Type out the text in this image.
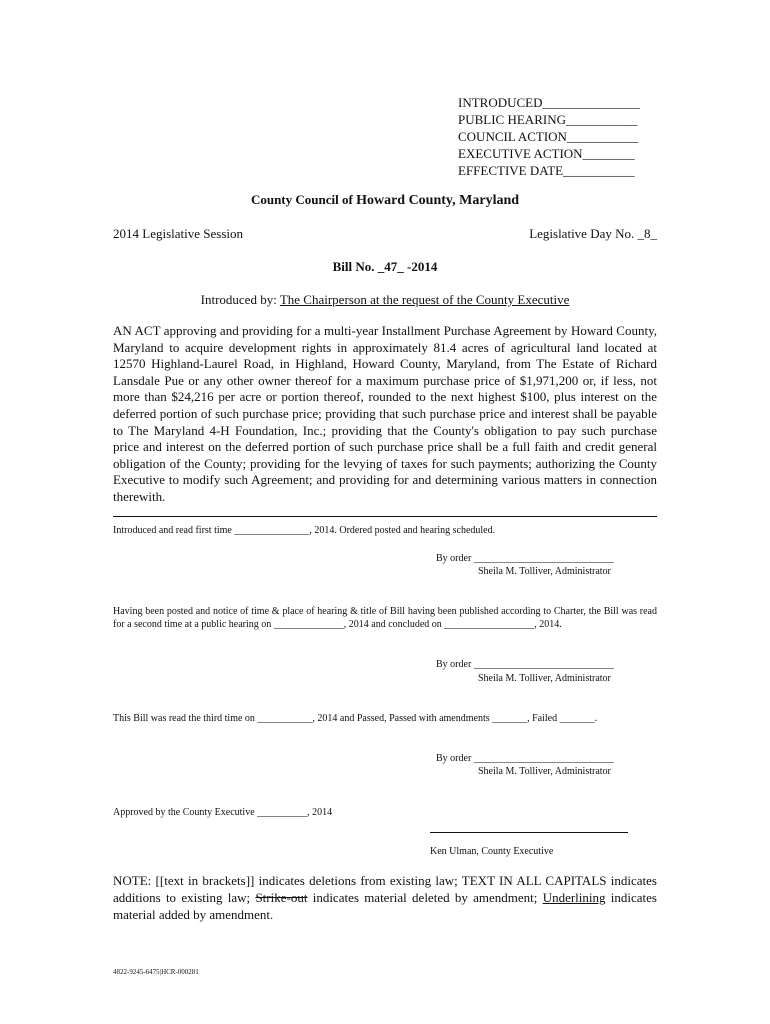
INTRODUCED_______________
PUBLIC HEARING___________
COUNCIL ACTION___________
EXECUTIVE ACTION________
EFFECTIVE DATE___________
County Council of Howard County, Maryland
2014 Legislative Session	Legislative Day No. _8_
Bill No. _47_ -2014
Introduced by: The Chairperson at the request of the County Executive
AN ACT approving and providing for a multi-year Installment Purchase Agreement by Howard County, Maryland to acquire development rights in approximately 81.4 acres of agricultural land located at 12570 Highland-Laurel Road, in Highland, Howard County, Maryland, from The Estate of Richard Lansdale Pue or any other owner thereof for a maximum purchase price of $1,971,200 or, if less, not more than $24,216 per acre or portion thereof, rounded to the next highest $100, plus interest on the deferred portion of such purchase price; providing that such purchase price and interest shall be payable to The Maryland 4-H Foundation, Inc.; providing that the County's obligation to pay such purchase price and interest on the deferred portion of such purchase price shall be a full faith and credit general obligation of the County; providing for the levying of taxes for such payments; authorizing the County Executive to modify such Agreement; and providing for and determining various matters in connection therewith.
Introduced and read first time _______________, 2014. Ordered posted and hearing scheduled.
By order ____________________________
Sheila M. Tolliver, Administrator
Having been posted and notice of time & place of hearing & title of Bill having been published according to Charter, the Bill was read for a second time at a public hearing on ______________, 2014 and concluded on __________________, 2014.
By order ____________________________
Sheila M. Tolliver, Administrator
This Bill was read the third time on ___________, 2014 and Passed, Passed with amendments _______, Failed _______.
By order ____________________________
Sheila M. Tolliver, Administrator
Approved by the County Executive __________, 2014
Ken Ulman, County Executive
NOTE: [[text in brackets]] indicates deletions from existing law; TEXT IN ALL CAPITALS indicates additions to existing law; Strike-out indicates material deleted by amendment; Underlining indicates material added by amendment.
4822-9245-6475|HCR-000281
